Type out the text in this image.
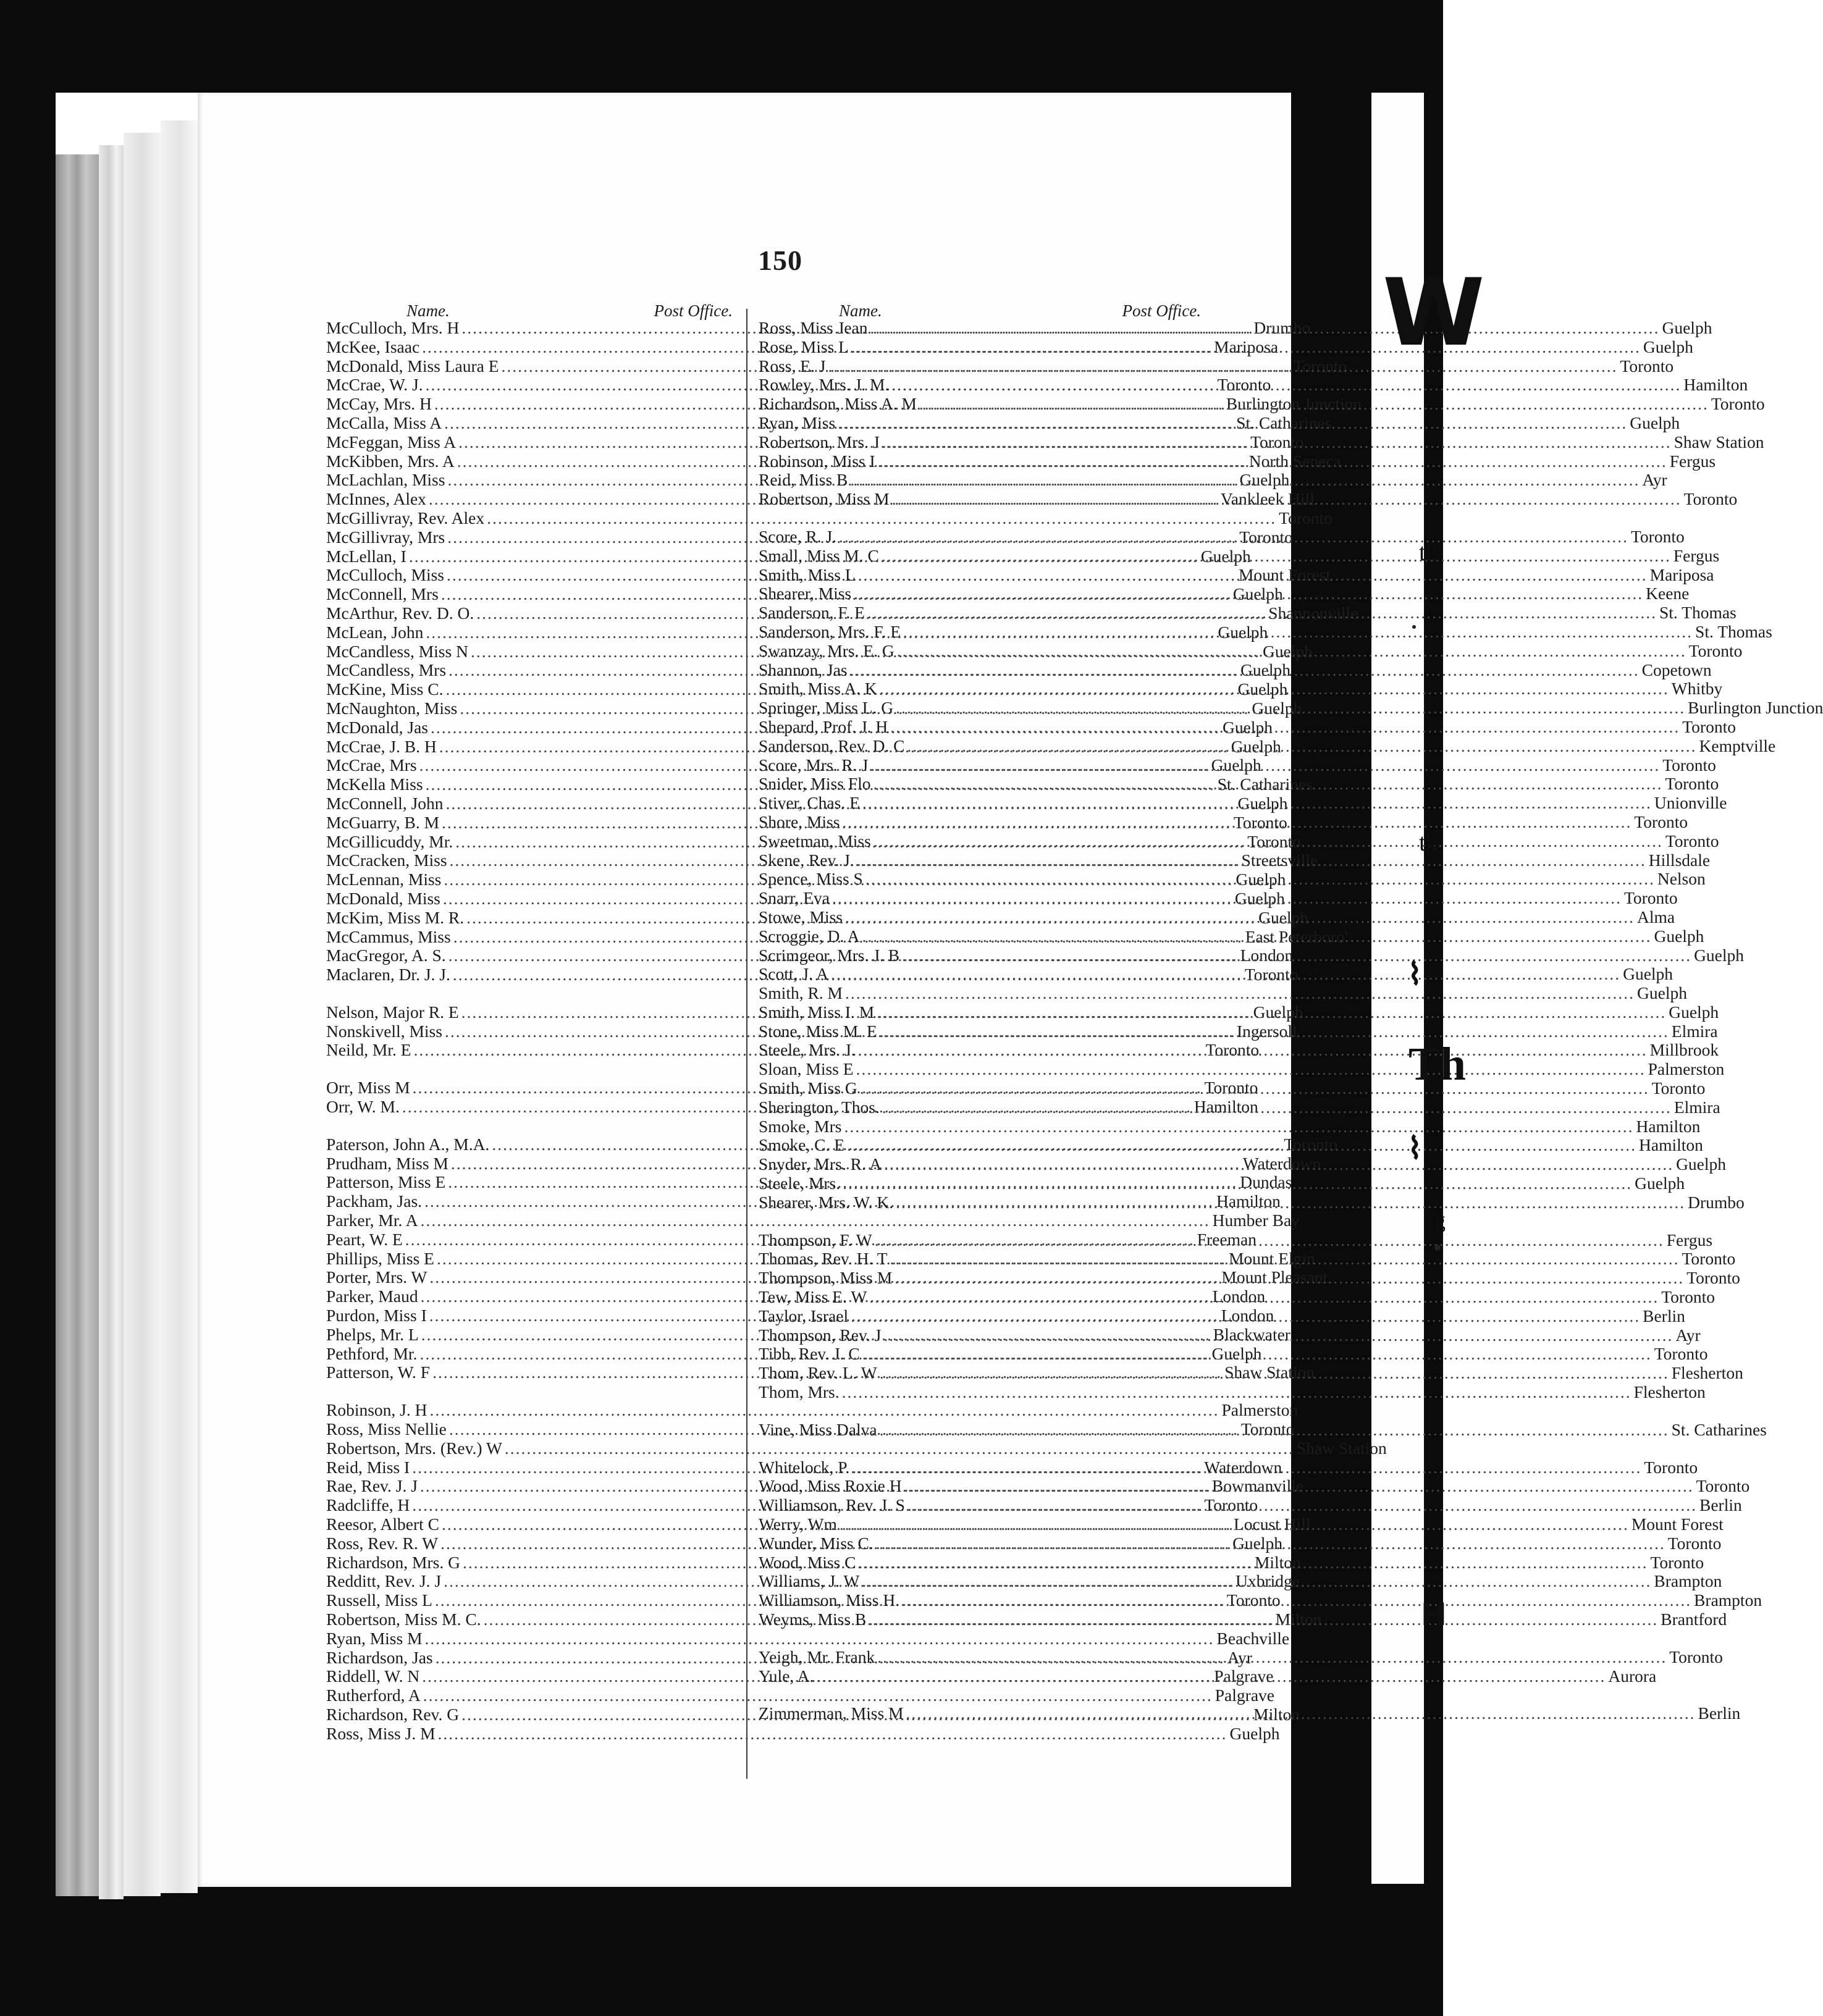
150
Name.	Post Office.
McCulloch, Mrs. H .....	Drumbo
McKee, Isaac .....	Mariposa
McDonald, Miss Laura E .....	Toronto
McCrae, W. J. .....	Toronto
McCay, Mrs. H .....	Burlington Junction
McCalla, Miss A .....	St. Catharines
McFeggan, Miss A .....	Toronto
McKibben, Mrs. A .....	North Seneca
McLachlan, Miss .....	Guelph
McInnes, Alex .....	Vankleek Hill
McGillivray, Rev. Alex .....	Toronto
McGillivray, Mrs .....	Toronto
McLellan, I .....	Guelph
McCulloch, Miss .....	Mount Forest
McConnell, Mrs .....	Guelph
McArthur, Rev. D. O. .....	Shannonville
McLean, John .....	Guelph
McCandless, Miss N .....	Guelph
McCandless, Mrs .....	Guelph
McKine, Miss C. .....	Guelph
McNaughton, Miss .....	Guelph
McDonald, Jas .....	Guelph
McCrae, J. B. H .....	Guelph
McCrae, Mrs .....	Guelph
McKella Miss .....	St. Catharines
McConnell, John .....	Guelph
McGuarry, B. M .....	Toronto
McGillicuddy, Mr. .....	Toronto
McCracken, Miss .....	Streetsville
McLennan, Miss .....	Guelph
McDonald, Miss .....	Guelph
McKim, Miss M. R. .....	Guelph
McCammus, Miss .....	East Peterboro'
MacGregor, A. S. .....	London
Maclaren, Dr. J. J. .....	Toronto
Nelson, Major R. E .....	Guelph
Nonskivell, Miss .....	Ingersoll
Neild, Mr. E .....	Toronto
Orr, Miss M .....	Toronto
Orr, W. M. .....	Hamilton
Paterson, John A., M.A. .....	Toronto
Prudham, Miss M .....	Waterdown
Patterson, Miss E .....	Dundas
Packham, Jas. .....	Hamilton
Parker, Mr. A .....	Humber Bay
Peart, W. E .....	Freeman
Phillips, Miss E .....	Mount Elgin
Porter, Mrs. W .....	Mount Pleasant
Parker, Maud .....	London
Purdon, Miss I .....	London
Phelps, Mr. L .....	Blackwater
Pethford, Mr. .....	Guelph
Patterson, W. F .....	Shaw Station
Robinson, J. H .....	Palmerston
Ross, Miss Nellie .....	Toronto
Robertson, Mrs. (Rev.) W .....	Shaw Station
Reid, Miss I .....	Waterdown
Rae, Rev. J. J .....	Bowmanville
Radcliffe, H .....	Toronto
Reesor, Albert C .....	Locust Hill
Ross, Rev. R. W .....	Guelph
Richardson, Mrs. G .....	Milton
Redditt, Rev. J. J .....	Uxbridge
Russell, Miss L .....	Toronto
Robertson, Miss M. C. .....	Milton
Ryan, Miss M .....	Beachville
Richardson, Jas .....	Ayr
Riddell, W. N .....	Palgrave
Rutherford, A .....	Palgrave
Richardson, Rev. G .....	Milton
Ross, Miss J. M .....	Guelph
Name.	Post Office.
Ross, Miss Jean .....	Guelph
Rose, Miss L .....	Guelph
Ross, E. J .....	Toronto
Rowley, Mrs. J. M. .....	Hamilton
Richardson, Miss A. M .....	Toronto
Ryan, Miss .....	Guelph
Robertson, Mrs. J .....	Shaw Station
Robinson, Miss I .....	Fergus
Reid, Miss B .....	Ayr
Robertson, Miss M .....	Toronto
Score, R. J. .....	Toronto
Small, Miss M. C .....	Fergus
Smith, Miss L .....	Mariposa
Shearer, Miss .....	Keene
Sanderson, F. E .....	St. Thomas
Sanderson, Mrs. F. E .....	St. Thomas
Swanzay, Mrs. E. G .....	Toronto
Shannon, Jas .....	Copetown
Smith, Miss A. K .....	Whitby
Springer, Miss L. G .....	Burlington Junction
Shepard, Prof. J. H .....	Toronto
Sanderson, Rev. D. C .....	Kemptville
Score, Mrs. R. J .....	Toronto
Snider, Miss Flo .....	Toronto
Stiver, Chas. E .....	Unionville
Shore, Miss .....	Toronto
Sweetman, Miss .....	Toronto
Skene, Rev. J. .....	Hillsdale
Spence, Miss S .....	Nelson
Snarr, Eva .....	Toronto
Stowe, Miss .....	Alma
Scroggie, D. A .....	Guelph
Scrimgeor, Mrs. J. B .....	Guelph
Scott, J. A .....	Guelph
Smith, R. M .....	Guelph
Smith, Miss I. M .....	Guelph
Stone, Miss M. E .....	Elmira
Steele, Mrs. J. .....	Millbrook
Sloan, Miss E .....	Palmerston
Smith, Miss G .....	Toronto
Sherington, Thos. .....	Elmira
Smoke, Mrs .....	Hamilton
Smoke, C. E .....	Hamilton
Snyder, Mrs. R. A .....	Guelph
Steele, Mrs. .....	Guelph
Shearer, Mrs. W. K. .....	Drumbo
Thompson, F. W .....	Fergus
Thomas, Rev. H. T .....	Toronto
Thompson, Miss M .....	Toronto
Tew, Miss E. W .....	Toronto
Taylor, Israel .....	Berlin
Thompson, Rev. J .....	Ayr
Tibb, Rev. J. C .....	Toronto
Thom, Rev. L. W .....	Flesherton
Thom, Mrs. .....	Flesherton
Vine, Miss Dalva .....	St. Catharines
Whitelock, P. .....	Toronto
Wood, Miss Roxie H .....	Toronto
Williamson, Rev. J. S .....	Berlin
Werry, Wm .....	Mount Forest
Wunder, Miss C. .....	Toronto
Wood, Miss C .....	Toronto
Williams, J. W .....	Brampton
Williamson, Miss H. .....	Brampton
Weyms, Miss B .....	Brantford
Yeigh, Mr. Frank .....	Toronto
Yule, A. .....	Aurora
Zimmerman, Miss M .....	Berlin
W
th
th
⌇
Th
⌇
g
H
